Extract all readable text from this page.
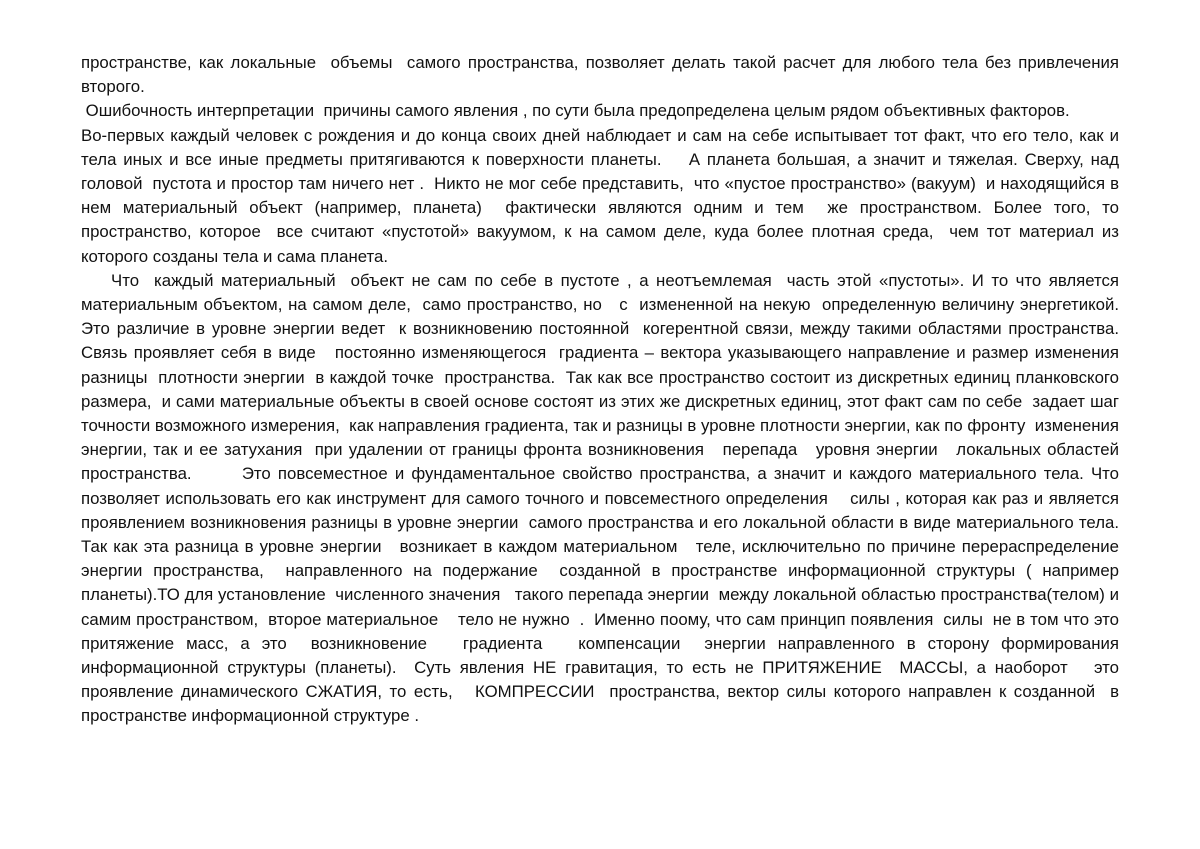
пространстве, как локальные  объемы  самого пространства, позволяет делать такой расчет для любого тела без привлечения второго.

Ошибочность интерпретации  причины самого явления , по сути была предопределена целым рядом объективных факторов.

Во-первых каждый человек с рождения и до конца своих дней наблюдает и сам на себе испытывает тот факт, что его тело, как и тела иных и все иные предметы притягиваются к поверхности планеты.    А планета большая, а значит и тяжелая. Сверху, над головой  пустота и простор там ничего нет .  Никто не мог себе представить,  что «пустое пространство» (вакуум)  и находящийся в нем материальный объект (например, планета)  фактически являются одним и тем  же пространством. Более того, то пространство, которое  все считают «пустотой» вакуумом, к на самом деле, куда более плотная среда,  чем тот материал из которого созданы тела и сама планета.

Что  каждый материальный  объект не сам по себе в пустоте , а неотъемлемая  часть этой «пустоты». И то что является материальным объектом, на самом деле,  само пространство, но   с  измененной на некую  определенную величину энергетикой. Это различие в уровне энергии ведет  к возникновению постоянной  когерентной связи, между такими областями пространства. Связь проявляет себя в виде   постоянно изменяющегося  градиента – вектора указывающего направление и размер изменения  разницы  плотности энергии  в каждой точке  пространства.  Так как все пространство состоит из дискретных единиц планковского размера,  и сами материальные объекты в своей основе состоят из этих же дискретных единиц, этот факт сам по себе  задает шаг точности возможного измерения,  как направления градиента, так и разницы в уровне плотности энергии, как по фронту  изменения  энергии, так и ее затухания  при удалении от границы фронта возникновения   перепада   уровня энергии   локальных областей пространства.       Это повсеместное и фундаментальное свойство пространства, а значит и каждого материального тела. Что позволяет использовать его как инструмент для самого точного и повсеместного определения    силы , которая как раз и является проявлением возникновения разницы в уровне энергии  самого пространства и его локальной области в виде материального тела. Так как эта разница в уровне энергии   возникает в каждом материальном   теле, исключительно по причине перераспределение энергии пространства,  направленного на подержание  созданной в пространстве информационной структуры ( например планеты).ТО для установление  численного значения   такого перепада энергии  между локальной областью пространства(телом) и самим пространством,  второе материальное    тело не нужно  .  Именно поому, что сам принцип появления  силы  не в том что это притяжение масс, а это  возникновение   градиента   компенсации  энергии направленного в сторону формирования информационной структуры (планеты).  Суть явления НЕ гравитация, то есть не ПРИТЯЖЕНИЕ  МАССЫ, а наоборот   это проявление динамического СЖАТИЯ, то есть,   КОМПРЕССИИ  пространства, вектор силы которого направлен к созданной  в пространстве информационной структуре .
